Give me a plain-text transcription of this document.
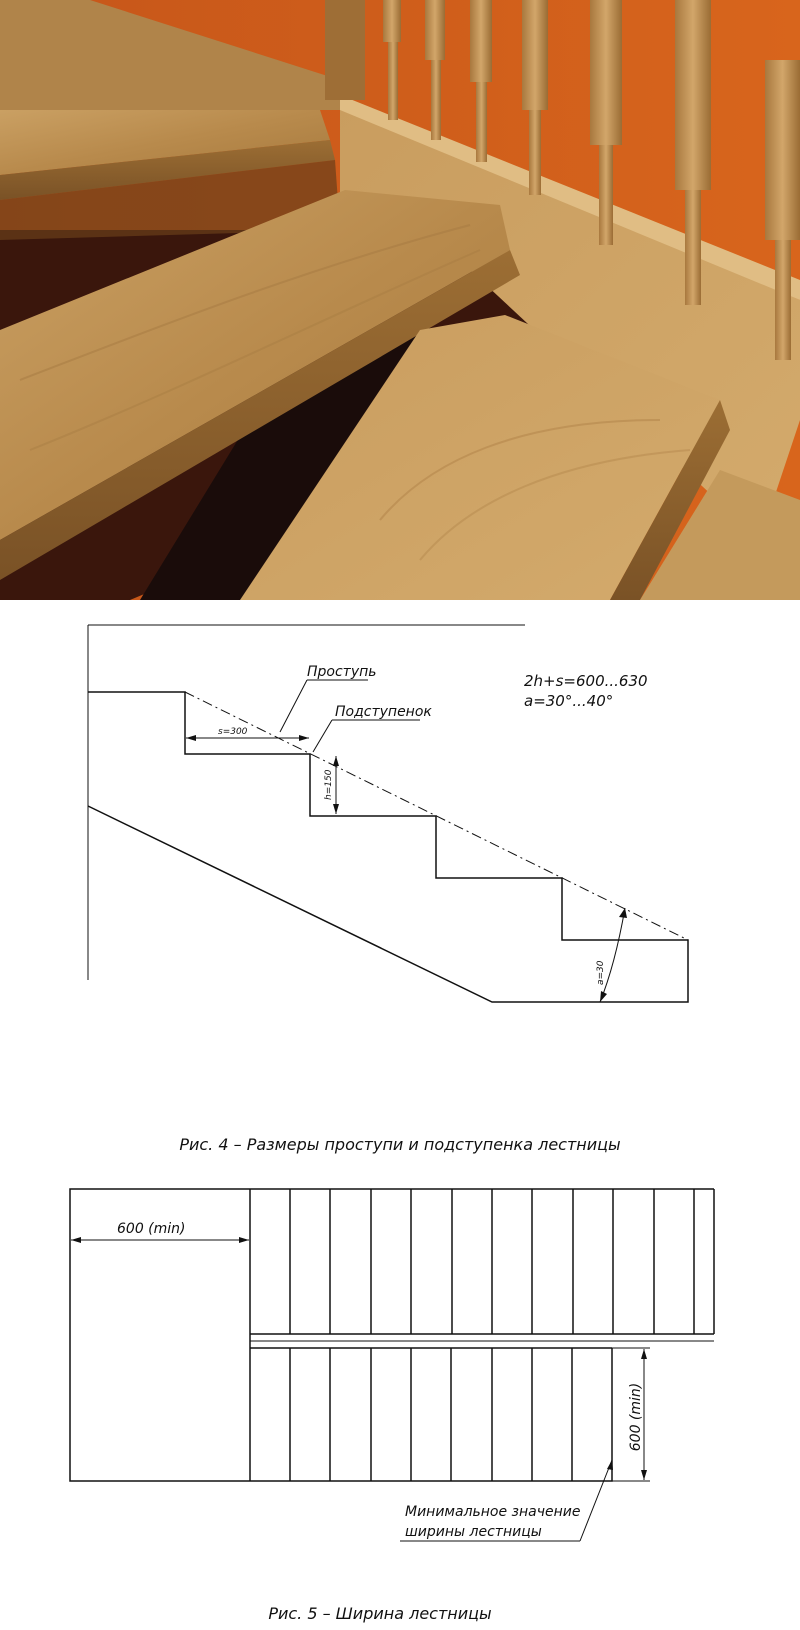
s=300
h=150
a=30
Проступь
Подступенок
2h+s=600...630
a=30°...40°
Рис. 4 – Размеры проступи и подступенка лестницы
600 (min)
600 (min)
Минимальное значение
ширины лестницы
Рис. 5 – Ширина лестницы
